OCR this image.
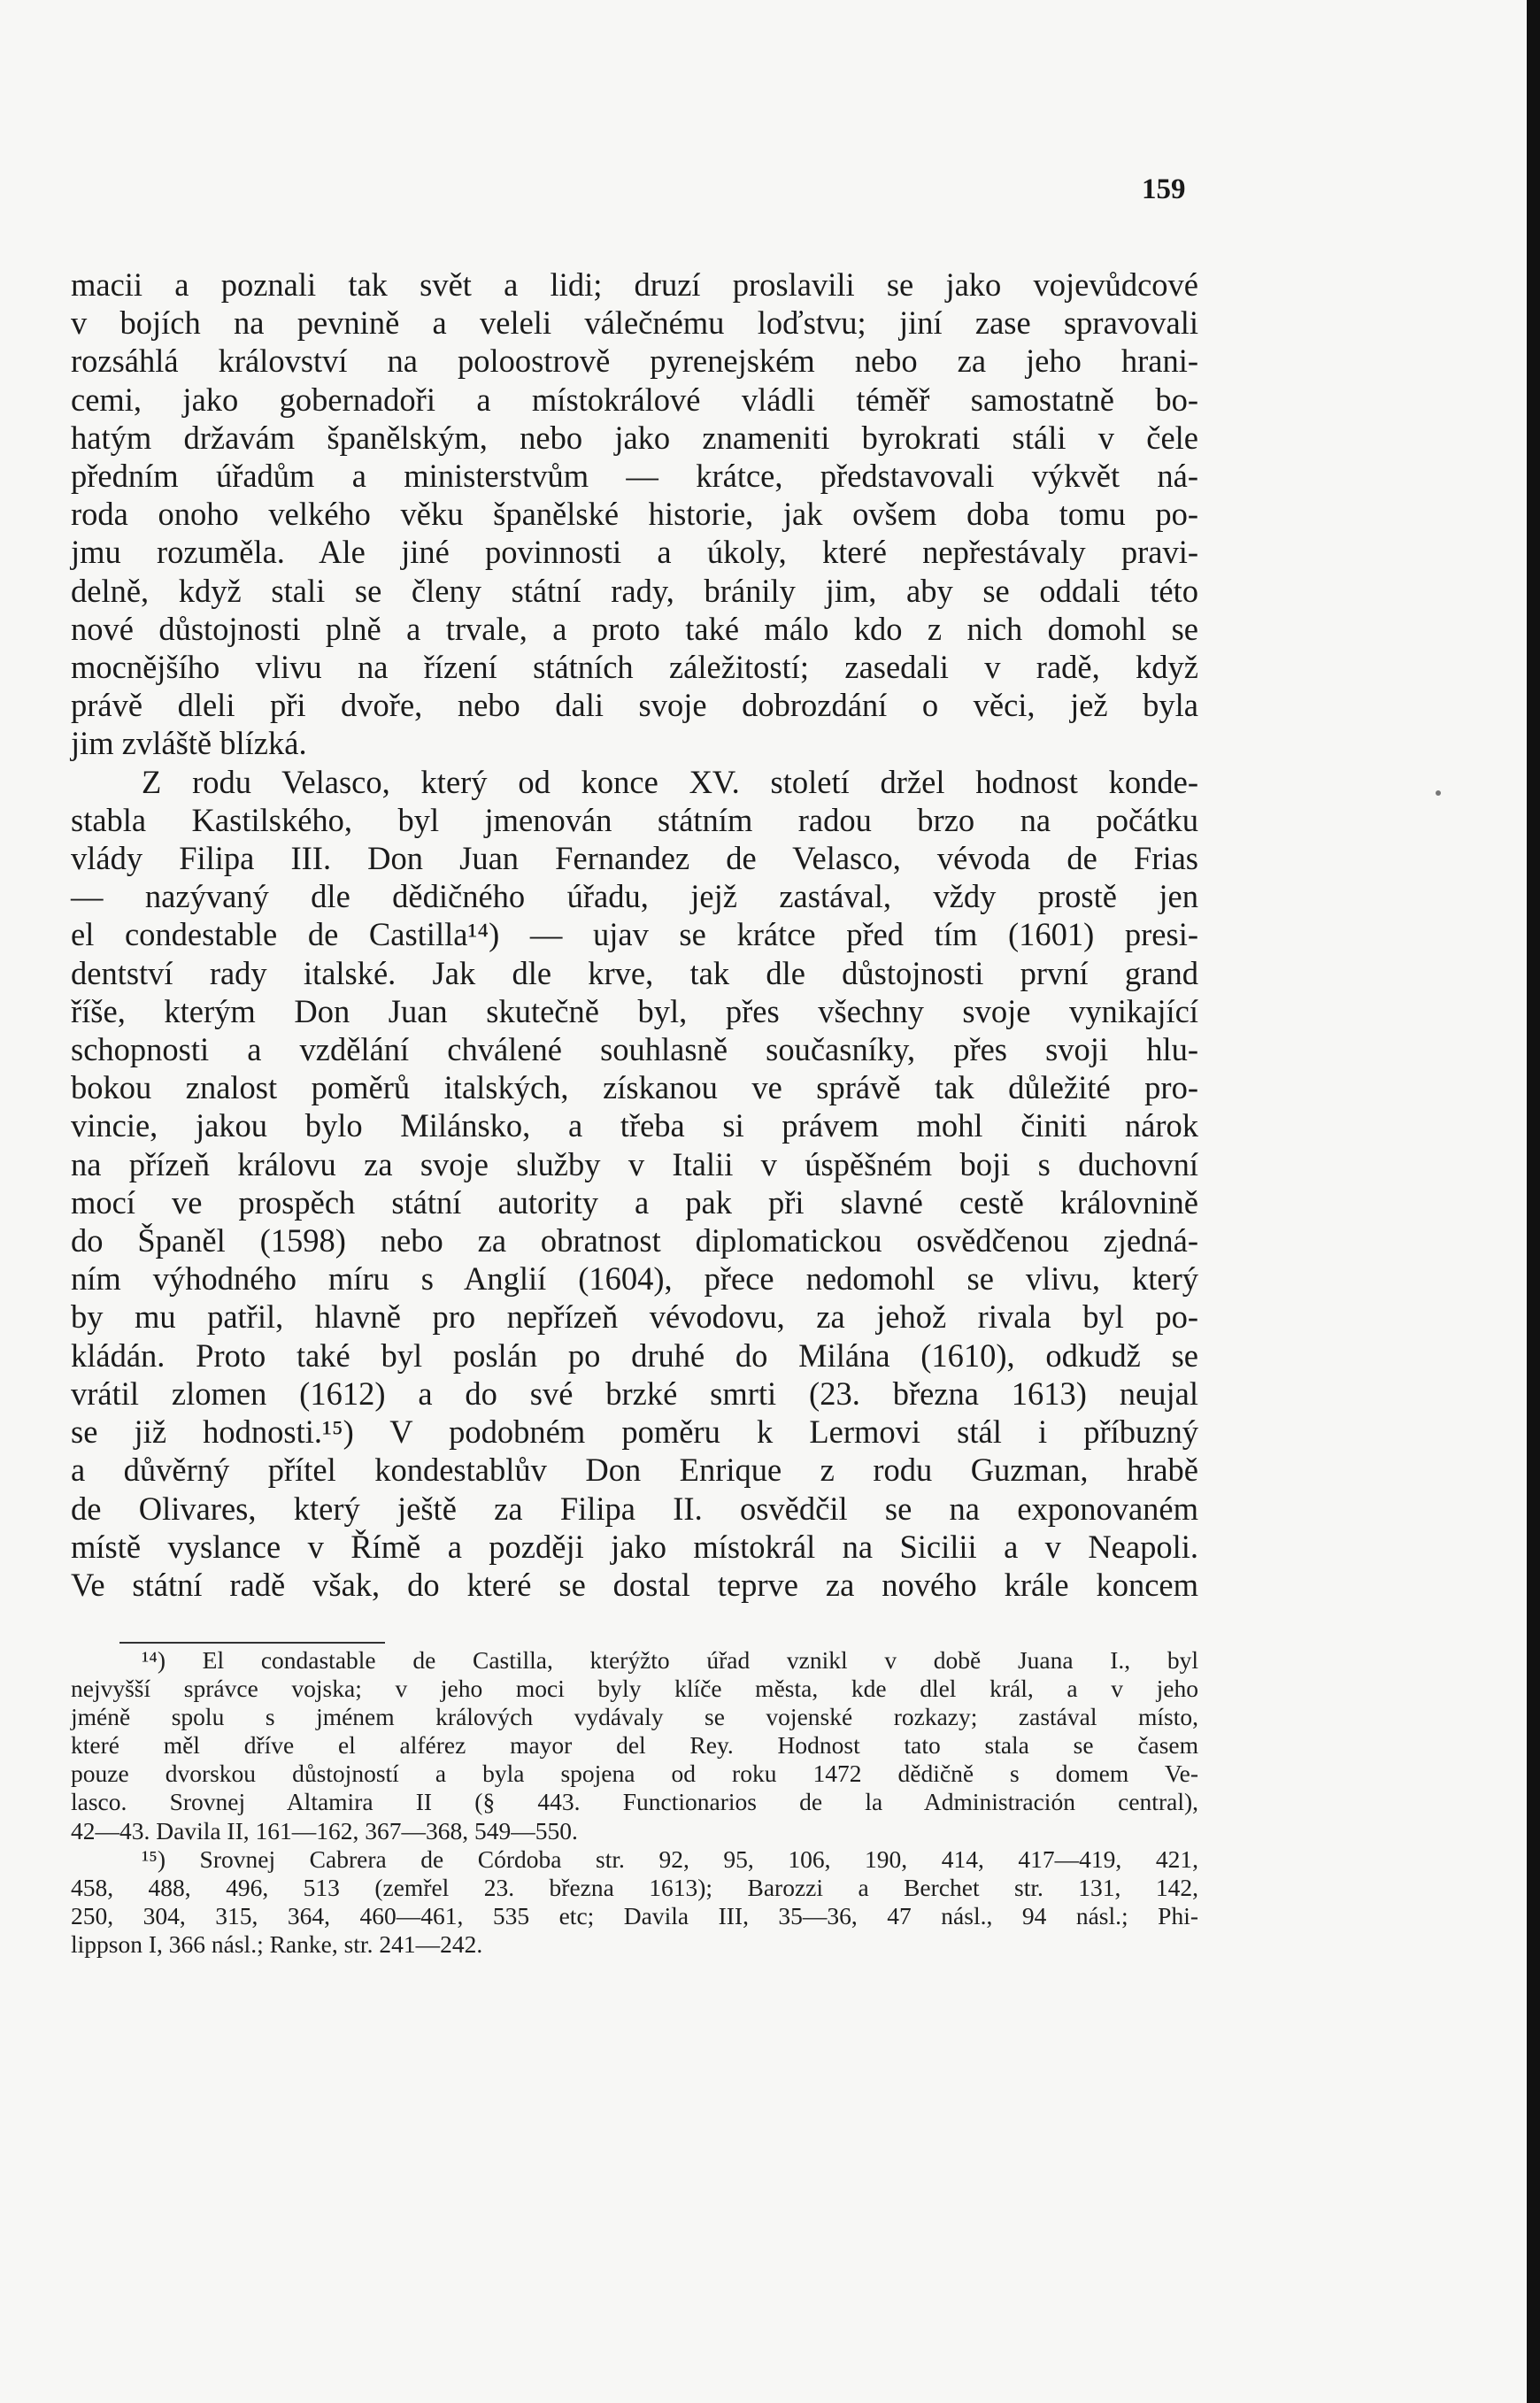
159
macii a poznali tak svět a lidi; druzí proslavili se jako vojevůdcové
v bojích na pevnině a veleli válečnému loďstvu; jiní zase spravovali
rozsáhlá království na poloostrově pyrenejském nebo za jeho hrani-
cemi, jako gobernadoři a místokrálové vládli téměř samostatně bo-
hatým državám španělským, nebo jako znameniti byrokrati stáli v čele
předním úřadům a ministerstvům — krátce, představovali výkvět ná-
roda onoho velkého věku španělské historie, jak ovšem doba tomu po-
jmu rozuměla. Ale jiné povinnosti a úkoly, které nepřestávaly pravi-
delně, když stali se členy státní rady, bránily jim, aby se oddali této
nové důstojnosti plně a trvale, a proto také málo kdo z nich domohl se
mocnějšího vlivu na řízení státních záležitostí; zasedali v radě, když
právě dleli při dvoře, nebo dali svoje dobrozdání o věci, jež byla
jim zvláště blízká.
Z rodu Velasco, který od konce XV. století držel hodnost konde-
stabla Kastilského, byl jmenován státním radou brzo na počátku
vlády Filipa III. Don Juan Fernandez de Velasco, vévoda de Frias
— nazývaný dle dědičného úřadu, jejž zastával, vždy prostě jen
el condestable de Castilla¹⁴) — ujav se krátce před tím (1601) presi-
dentství rady italské. Jak dle krve, tak dle důstojnosti první grand
říše, kterým Don Juan skutečně byl, přes všechny svoje vynikající
schopnosti a vzdělání chválené souhlasně současníky, přes svoji hlu-
bokou znalost poměrů italských, získanou ve správě tak důležité pro-
vincie, jakou bylo Milánsko, a třeba si právem mohl činiti nárok
na přízeň královu za svoje služby v Italii v úspěšném boji s duchovní
mocí ve prospěch státní autority a pak při slavné cestě královnině
do Španěl (1598) nebo za obratnost diplomatickou osvědčenou zjedná-
ním výhodného míru s Anglií (1604), přece nedomohl se vlivu, který
by mu patřil, hlavně pro nepřízeň vévodovu, za jehož rivala byl po-
kládán. Proto také byl poslán po druhé do Milána (1610), odkudž se
vrátil zlomen (1612) a do své brzké smrti (23. března 1613) neujal
se již hodnosti.¹⁵) V podobném poměru k Lermovi stál i příbuzný
a důvěrný přítel kondestablův Don Enrique z rodu Guzman, hrabě
de Olivares, který ještě za Filipa II. osvědčil se na exponovaném
místě vyslance v Římě a později jako místokrál na Sicilii a v Neapoli.
Ve státní radě však, do které se dostal teprve za nového krále koncem
¹⁴) El condastable de Castilla, kterýžto úřad vznikl v době Juana I., byl
nejvyšší správce vojska; v jeho moci byly klíče města, kde dlel král, a v jeho
jméně spolu s jménem králových vydávaly se vojenské rozkazy; zastával místo,
které měl dříve el alférez mayor del Rey. Hodnost tato stala se časem
pouze dvorskou důstojností a byla spojena od roku 1472 dědičně s domem Ve-
lasco. Srovnej Altamira II (§ 443. Functionarios de la Administración central),
42—43. Davila II, 161—162, 367—368, 549—550.
¹⁵) Srovnej Cabrera de Córdoba str. 92, 95, 106, 190, 414, 417—419, 421,
458, 488, 496, 513 (zemřel 23. března 1613); Barozzi a Berchet str. 131, 142,
250, 304, 315, 364, 460—461, 535 etc; Davila III, 35—36, 47 násl., 94 násl.; Phi-
lippson I, 366 násl.; Ranke, str. 241—242.
